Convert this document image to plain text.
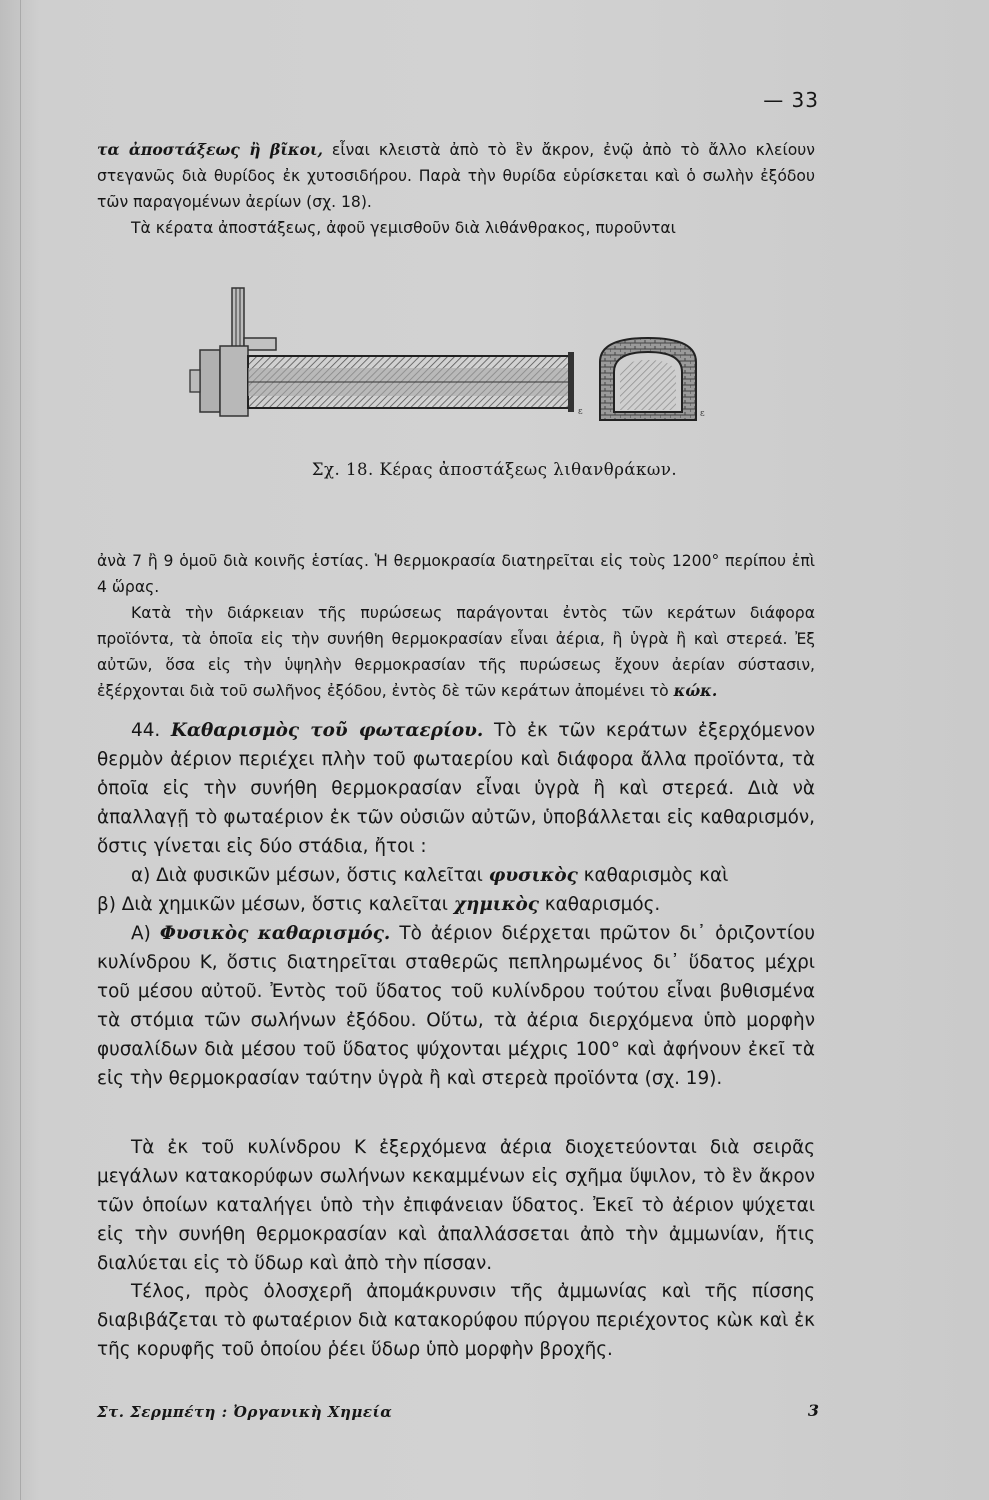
— 33

τα ἀποστάξεως ἢ βῖκοι, εἶναι κλειστὰ ἀπὸ τὸ ἓν ἄκρον, ἐνῷ ἀπὸ τὸ ἄλλο κλείουν στεγανῶς διὰ θυρίδος ἐκ χυτοσιδήρου. Παρὰ τὴν θυρίδα εὑρίσκεται καὶ ὁ σωλὴν ἐξόδου τῶν παραγομένων ἀερίων (σχ. 18).

Τὰ κέρατα ἀποστάξεως, ἀφοῦ γεμισθοῦν διὰ λιθάνθρακος, πυροῦνται

ε	ε
Σχ. 18. Κέρας ἀποστάξεως λιθανθράκων.

ἀνὰ 7 ἢ 9 ὁμοῦ διὰ κοινῆς ἑστίας. Ἡ θερμοκρασία διατηρεῖται εἰς τοὺς 1200° περίπου ἐπὶ 4 ὥρας.

Κατὰ τὴν διάρκειαν τῆς πυρώσεως παράγονται ἐντὸς τῶν κεράτων διάφορα προϊόντα, τὰ ὁποῖα εἰς τὴν συνήθη θερμοκρασίαν εἶναι ἀέρια, ἢ ὑγρὰ ἢ καὶ στερεά. Ἐξ αὐτῶν, ὅσα εἰς τὴν ὑψηλὴν θερμοκρασίαν τῆς πυρώσεως ἔχουν ἀερίαν σύστασιν, ἐξέρχονται διὰ τοῦ σωλῆνος ἐξόδου, ἐντὸς δὲ τῶν κεράτων ἀπομένει τὸ κώκ.

44. Καθαρισμὸς τοῦ φωταερίου. Τὸ ἐκ τῶν κεράτων ἐξερχόμενον θερμὸν ἀέριον περιέχει πλὴν τοῦ φωταερίου καὶ διάφορα ἄλλα προϊόντα, τὰ ὁποῖα εἰς τὴν συνήθη θερμοκρασίαν εἶναι ὑγρὰ ἢ καὶ στερεά. Διὰ νὰ ἀπαλλαγῇ τὸ φωταέριον ἐκ τῶν οὐσιῶν αὐτῶν, ὑποβάλλεται εἰς καθαρισμόν, ὅστις γίνεται εἰς δύο στάδια, ἤτοι :

α) Διὰ φυσικῶν μέσων, ὅστις καλεῖται φυσικὸς καθαρισμὸς καὶ

β) Διὰ χημικῶν μέσων, ὅστις καλεῖται χημικὸς καθαρισμός.

Α) Φυσικὸς καθαρισμός. Τὸ ἀέριον διέρχεται πρῶτον δι᾽ ὁριζοντίου κυλίνδρου Κ, ὅστις διατηρεῖται σταθερῶς πεπληρωμένος δι᾽ ὕδατος μέχρι τοῦ μέσου αὐτοῦ. Ἐντὸς τοῦ ὕδατος τοῦ κυλίνδρου τούτου εἶναι βυθισμένα τὰ στόμια τῶν σωλήνων ἐξόδου. Οὕτω, τὰ ἀέρια διερχόμενα ὑπὸ μορφὴν φυσαλίδων διὰ μέσου τοῦ ὕδατος ψύχονται μέχρις 100° καὶ ἀφήνουν ἐκεῖ τὰ εἰς τὴν θερμοκρασίαν ταύτην ὑγρὰ ἢ καὶ στερεὰ προϊόντα (σχ. 19).

Τὰ ἐκ τοῦ κυλίνδρου Κ ἐξερχόμενα ἀέρια διοχετεύονται διὰ σειρᾶς μεγάλων κατακορύφων σωλήνων κεκαμμένων εἰς σχῆμα ὕψιλον, τὸ ἓν ἄκρον τῶν ὁποίων καταλήγει ὑπὸ τὴν ἐπιφάνειαν ὕδατος. Ἐκεῖ τὸ ἀέριον ψύχεται εἰς τὴν συνήθη θερμοκρασίαν καὶ ἀπαλλάσσεται ἀπὸ τὴν ἀμμωνίαν, ἥτις διαλύεται εἰς τὸ ὕδωρ καὶ ἀπὸ τὴν πίσσαν.

Τέλος, πρὸς ὁλοσχερῆ ἀπομάκρυνσιν τῆς ἀμμωνίας καὶ τῆς πίσσης διαβιβάζεται τὸ φωταέριον διὰ κατακορύφου πύργου περιέχοντος κὼκ καὶ ἐκ τῆς κορυφῆς τοῦ ὁποίου ῥέει ὕδωρ ὑπὸ μορφὴν βροχῆς.

Στ. Σερμπέτη : Ὀργανικὴ Χημεία	3
